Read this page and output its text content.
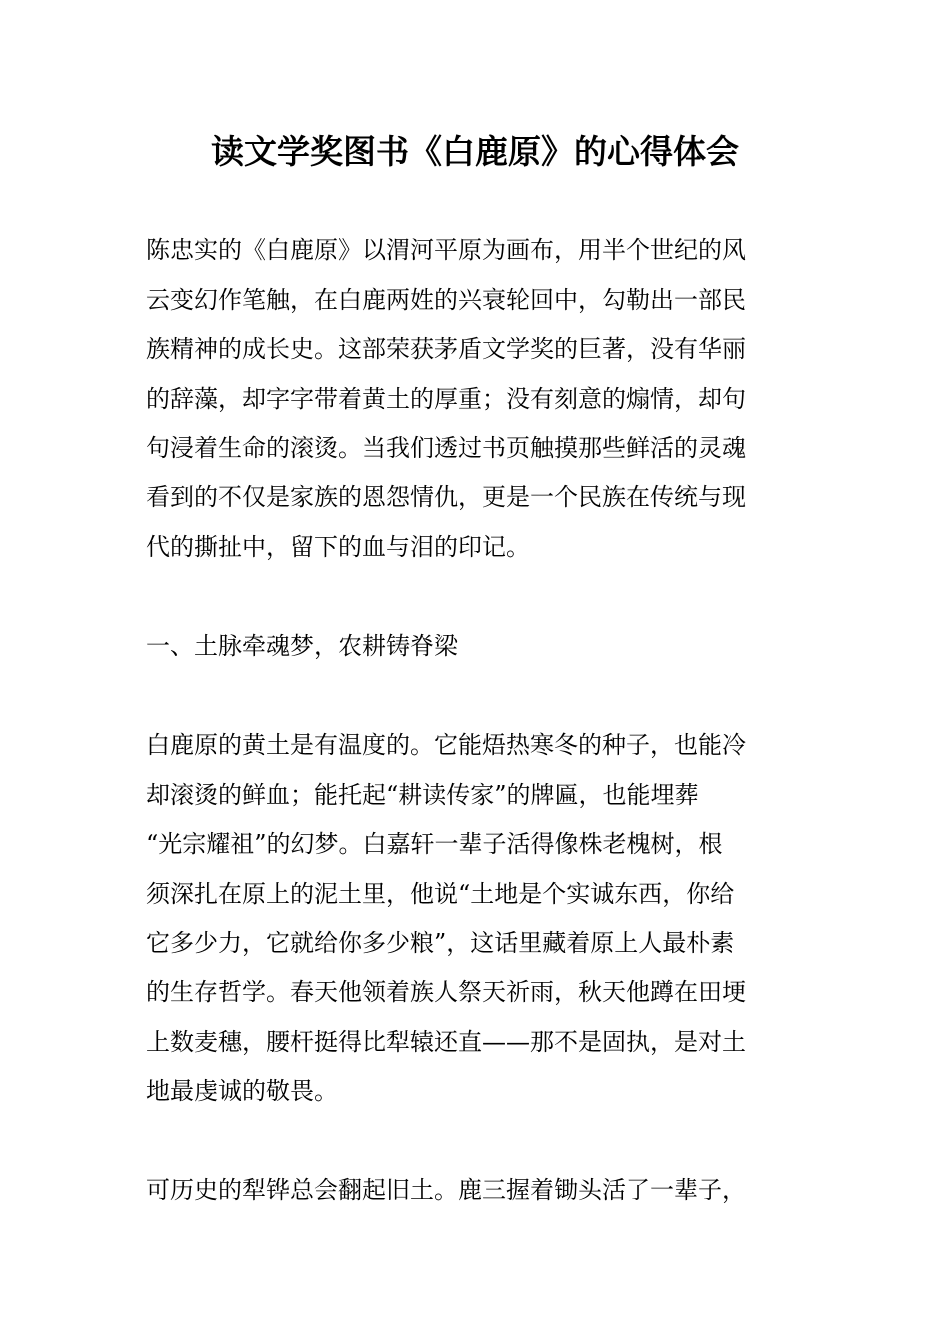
读文学奖图书《白鹿原》的心得体会

陈忠实的《白鹿原》以渭河平原为画布，用半个世纪的风

云变幻作笔触，在白鹿两姓的兴衰轮回中，勾勒出一部民

族精神的成长史。这部荣获茅盾文学奖的巨著，没有华丽

的辞藻，却字字带着黄土的厚重；没有刻意的煽情，却句

句浸着生命的滚烫。当我们透过书页触摸那些鲜活的灵魂

看到的不仅是家族的恩怨情仇，更是一个民族在传统与现

代的撕扯中，留下的血与泪的印记。

一、土脉牵魂梦，农耕铸脊梁

白鹿原的黄土是有温度的。它能焐热寒冬的种子，也能冷

却滚烫的鲜血；能托起“耕读传家”的牌匾，也能埋葬

“光宗耀祖”的幻梦。白嘉轩一辈子活得像株老槐树，根

须深扎在原上的泥土里，他说“土地是个实诚东西，你给

它多少力，它就给你多少粮”，这话里藏着原上人最朴素

的生存哲学。春天他领着族人祭天祈雨，秋天他蹲在田埂

上数麦穗，腰杆挺得比犁辕还直——那不是固执，是对土

地最虔诚的敬畏。

可历史的犁铧总会翻起旧土。鹿三握着锄头活了一辈子，
